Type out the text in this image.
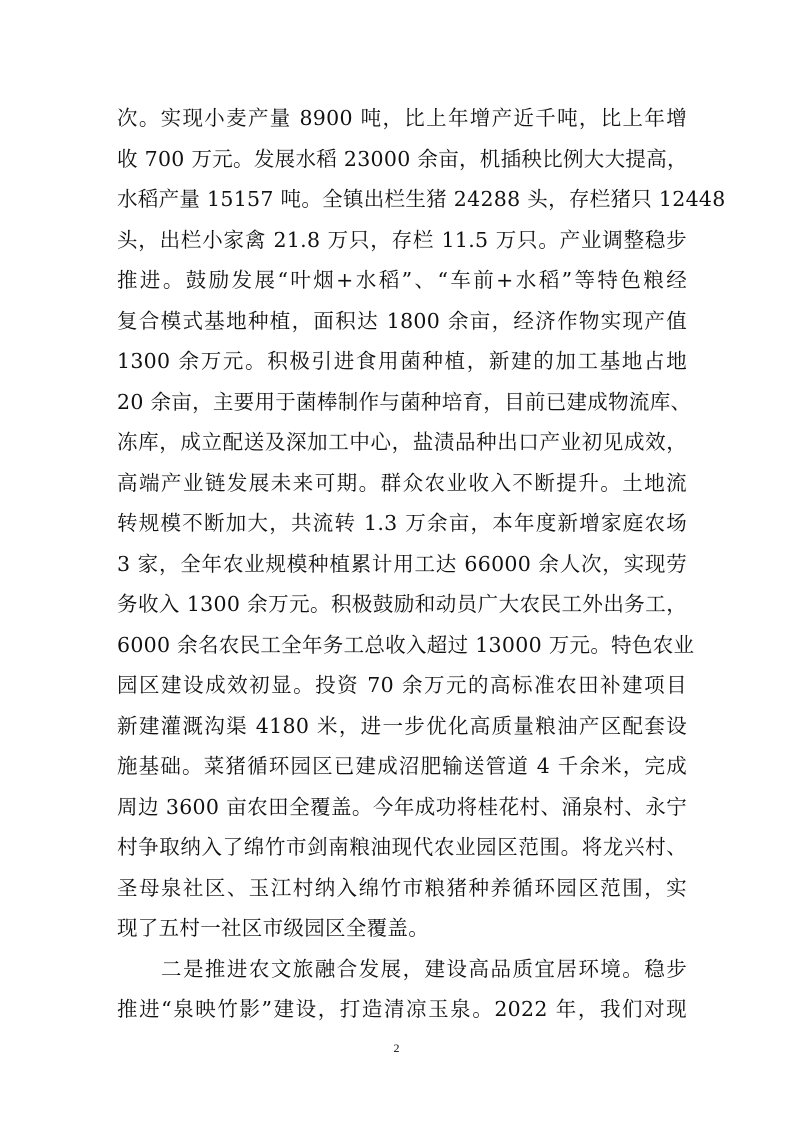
次。实现小麦产量 8900 吨，比上年增产近千吨，比上年增
收 700 万元。发展水稻 23000 余亩，机插秧比例大大提高，
水稻产量 15157 吨。全镇出栏生猪 24288 头，存栏猪只 12448
头，出栏小家禽 21.8 万只，存栏 11.5 万只。产业调整稳步
推进。鼓励发展“叶烟+水稻”、“车前+水稻”等特色粮经
复合模式基地种植，面积达 1800 余亩，经济作物实现产值
1300 余万元。积极引进食用菌种植，新建的加工基地占地
20 余亩，主要用于菌棒制作与菌种培育，目前已建成物流库、
冻库，成立配送及深加工中心，盐渍品种出口产业初见成效，
高端产业链发展未来可期。群众农业收入不断提升。土地流
转规模不断加大，共流转 1.3 万余亩，本年度新增家庭农场
3 家，全年农业规模种植累计用工达 66000 余人次，实现劳
务收入 1300 余万元。积极鼓励和动员广大农民工外出务工，
6000 余名农民工全年务工总收入超过 13000 万元。特色农业
园区建设成效初显。投资 70 余万元的高标准农田补建项目
新建灌溉沟渠 4180 米，进一步优化高质量粮油产区配套设
施基础。菜猪循环园区已建成沼肥输送管道 4 千余米，完成
周边 3600 亩农田全覆盖。今年成功将桂花村、涌泉村、永宁
村争取纳入了绵竹市剑南粮油现代农业园区范围。将龙兴村、
圣母泉社区、玉江村纳入绵竹市粮猪种养循环园区范围，实
现了五村一社区市级园区全覆盖。
二是推进农文旅融合发展，建设高品质宜居环境。稳步
推进“泉映竹影”建设，打造清凉玉泉。2022 年，我们对现
2
